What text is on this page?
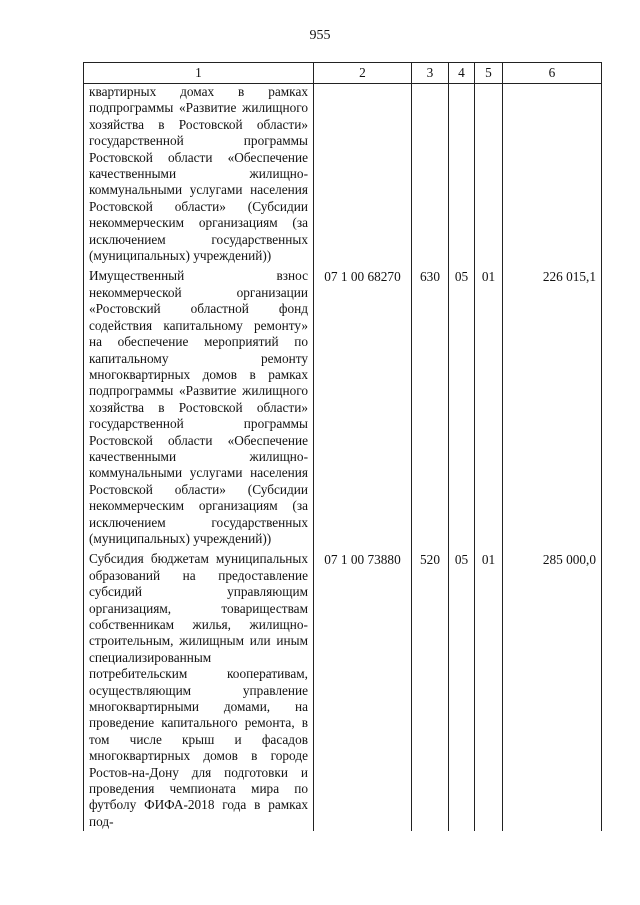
955
1	2	3	4	5	6
квартирных домах в рамках подпрограммы «Развитие жилищного хозяйства в Ростовской области» государственной программы Ростовской области «Обеспечение качественными жилищно-коммунальными услугами населения Ростовской области» (Субсидии некоммерческим организациям (за исключением государственных (муниципальных) учреждений))					
Имущественный взнос некоммерческой организации «Ростовский областной фонд содействия капитальному ремонту» на обеспечение мероприятий по капитальному ремонту многоквартирных домов в рамках подпрограммы «Развитие жилищного хозяйства в Ростовской области» государственной программы Ростовской области «Обеспечение качественными жилищно-коммунальными услугами населения Ростовской области» (Субсидии некоммерческим организациям (за исключением государственных (муниципальных) учреждений))	07 1 00 68270	630	05	01	226 015,1
Субсидия бюджетам муниципальных образований на предоставление субсидий управляющим организациям, товариществам собственникам жилья, жилищно-строительным, жилищным или иным специализированным потребительским кооперативам, осуществляющим управление многоквартирными домами, на проведение капитального ремонта, в том числе крыш и фасадов многоквартирных домов в городе Ростов-на-Дону для подготовки и проведения чемпионата мира по футболу ФИФА-2018 года в рамках под-	07 1 00 73880	520	05	01	285 000,0
